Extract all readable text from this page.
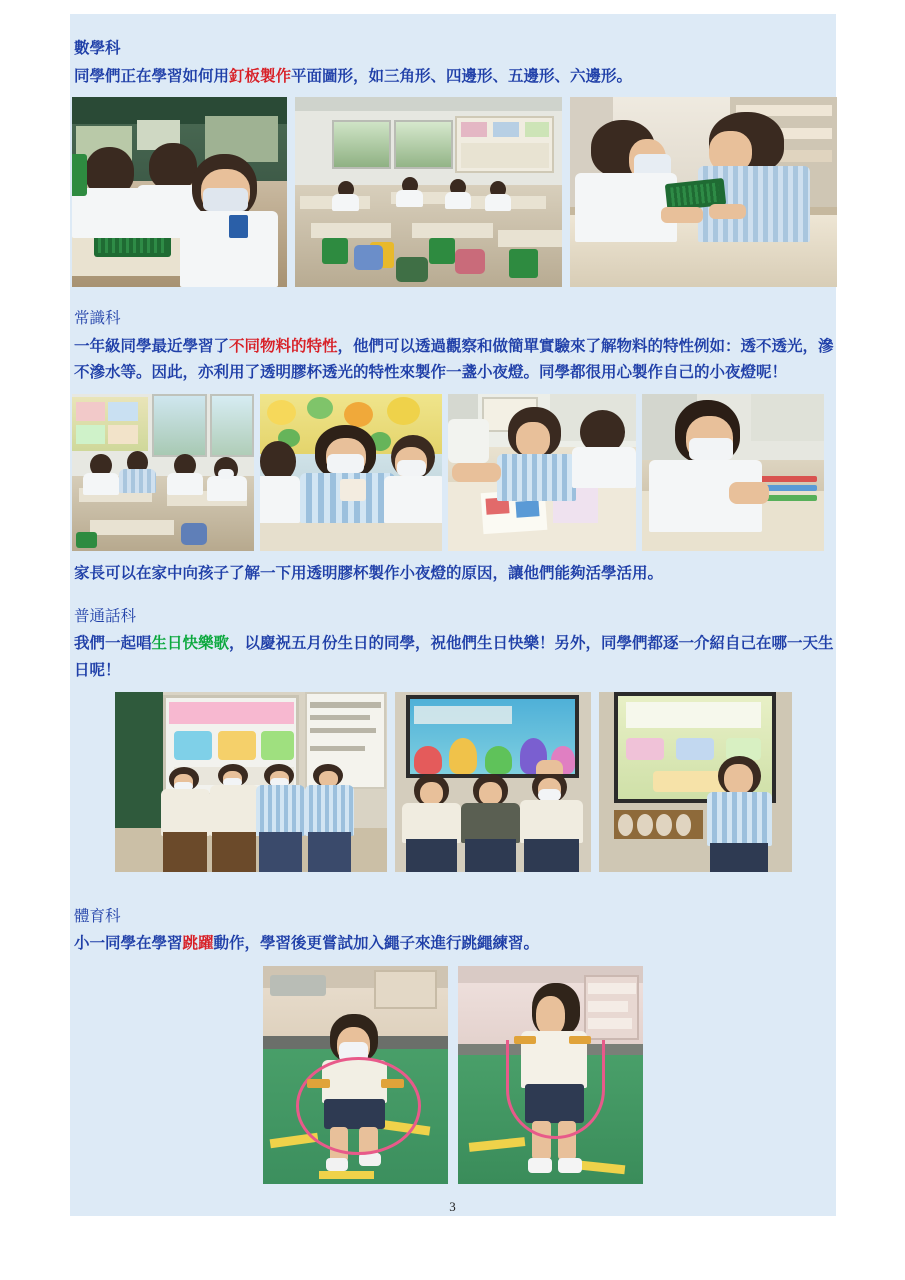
數學科
同學們正在學習如何用釘板製作平面圖形，如三角形、四邊形、五邊形、六邊形。
常識科
一年級同學最近學習了不同物料的特性，他們可以透過觀察和做簡單實驗來了解物料的特性例如：透不透光，滲不滲水等。因此，亦利用了透明膠杯透光的特性來製作一盞小夜燈。同學都很用心製作自己的小夜燈呢！
家長可以在家中向孩子了解一下用透明膠杯製作小夜燈的原因，讓他們能夠活學活用。
普通話科
我們一起唱生日快樂歌，以慶祝五月份生日的同學，祝他們生日快樂！另外，同學們都逐一介紹自己在哪一天生日呢！
體育科
小一同學在學習跳躍動作，學習後更嘗試加入繩子來進行跳繩練習。
3
